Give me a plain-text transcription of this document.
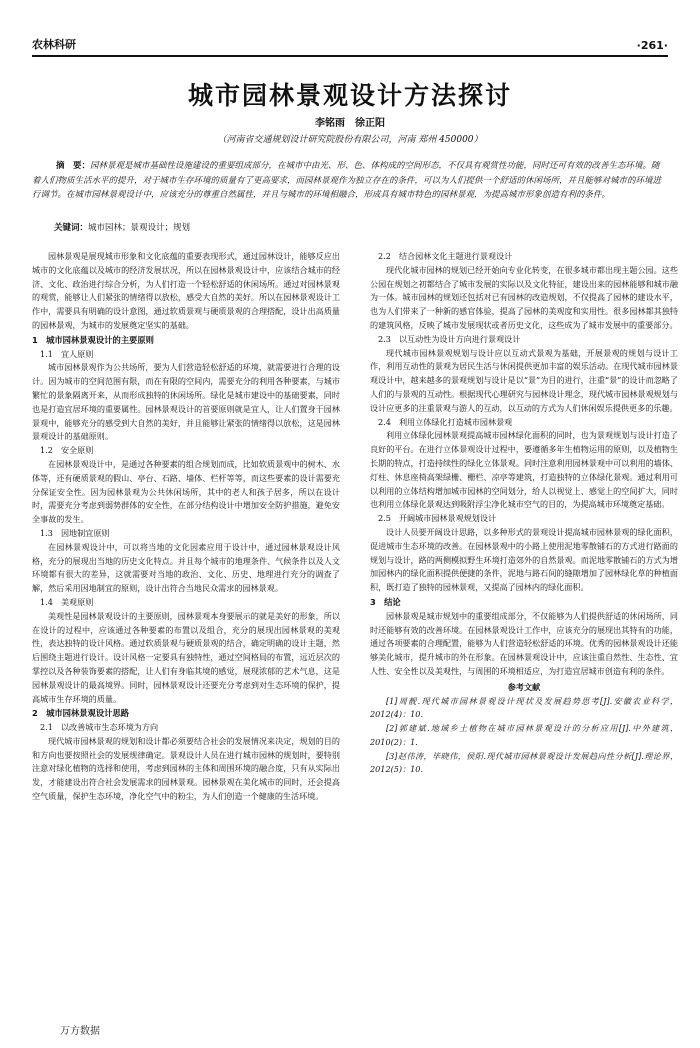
农林科研	·261·
城市园林景观设计方法探讨
李铭雨　徐正阳
（河南省交通规划设计研究院股份有限公司，河南 郑州 450000）
摘　要：园林景观是城市基础性设施建设的重要组成部分，在城市中由光、形、色、体构成的空间形态，不仅具有观赏性功能，同时还可有效的改善生态环境。随着人们物质生活水平的提升，对于城市生存环境的质量有了更高要求，而园林景观作为独立存在的条件，可以为人们提供一个舒适的休闲场所，并且能够对城市的环境进行调节。在城市园林景观设计中，应该充分的尊重自然属性，并且与城市的环境相融合，形成具有城市特色的园林景观，为提高城市形象创造有利的条件。
关键词：城市园林；景观设计；规划

园林景观是展现城市形象和文化底蕴的重要表现形式，通过园林设计，能够反应出城市的文化底蕴以及城市的经济发展状况，所以在园林景观设计中，应该结合城市的经济、文化、政治进行综合分析，为人们打造一个轻松舒适的休闲场所。通过对园林景观的观赏，能够让人们紧张的情绪得以放松，感受大自然的美好。所以在园林景观设计工作中，需要具有明确的设计意图，通过软质景观与硬质景观的合理搭配，设计出高质量的园林景观，为城市的发展奠定坚实的基础。

1　城市园林景观设计的主要原则
1.1　宜人原则

城市园林景观作为公共场所，要为人们营造轻松舒适的环境，就需要进行合理的设计。因为城市的空间范围有限，而在有限的空间内，需要充分的利用各种要素，与城市繁忙的景象隔离开来，从而形成独特的休闲场所。绿化是城市建设中的基础要素，同时也是打造宜居环境的重要属性。园林景观设计的首要原则就是宜人，让人们置身于园林景观中，能够充分的感受到大自然的美好，并且能够让紧张的情绪得以放松，这是园林景观设计的基础原则。

1.2　安全原则

在园林景观设计中，是通过各种要素的组合规划而成，比如软质景观中的树木、水体等，还有硬质景观的假山、亭台、石路、墙体、栏杆等等，而这些要素的设计需要充分保证安全性。因为园林景观为公共休闲场所，其中的老人和孩子居多，所以在设计时，需要充分考虑到弱势群体的安全性，在部分结构设计中增加安全防护措施，避免安全事故的发生。

1.3　因地制宜原则

在园林景观设计中，可以将当地的文化因素应用于设计中，通过园林景观设计风格，充分的展现出当地的历史文化特点。并且每个城市的地理条件、气候条件以及人文环境都有很大的差异，这就需要对当地的政治、文化、历史、地理进行充分的调查了解，然后采用因地制宜的原则，设计出符合当地民众需求的园林景观。

1.4　美观原则

美观性是园林景观设计的主要原则，园林景观本身要展示的就是美好的形象，所以在设计的过程中，应该通过各种要素的布置以及组合，充分的展现出园林景观的美观性，表达独特的设计风格。通过软质景观与硬质景观的结合，确定明确的设计主题，然后围绕主题进行设计。设计风格一定要具有独特性，通过空间格局的布置，远近层次的掌控以及各种装饰要素的搭配，让人们有身临其境的感觉，展现浓郁的艺术气息，这是园林景观设计的最高境界。同时，园林景观设计还要充分考虑到对生态环境的保护，提高城市生存环境的质量。

2　城市园林景观设计思路
2.1　以改善城市生态环境为方向

现代城市园林景观的规划和设计都必须要结合社会的发展情况来决定，规划的目的和方向也要按照社会的发展规律确定。景观设计人员在进行城市园林的规划时，要特别注意对绿化植物的选择和使用，考虑到园林的主体和周围环境的融合度，只有从实际出发，才能建设出符合社会发展需求的园林景观。园林景观在美化城市的同时，还会提高空气质量，保护生态环境，净化空气中的粉尘，为人们创造一个健康的生活环境。

2.2　结合园林文化主题进行景观设计

现代化城市园林的规划已经开始向专业化转变，在很多城市都出现主题公园。这些公园在规划之初都结合了城市发展的实际以及文化特征，建设出来的园林能够和城市融为一体。城市园林的规划还包括对已有园林的改造规划，不仅提高了园林的建设水平，也为人们带来了一种新的感官体验，提高了园林的美观度和实用性。很多园林都其独特的建筑风格，反映了城市发展现状或者历史文化，这些成为了城市发展中的重要部分。

2.3　以互动性为设计方向进行景观设计

现代城市园林景观规划与设计应以互动式景观为基础，开展景观的规划与设计工作，利用互动性的景观为居民生活与休闲提供更加丰富的娱乐活动。在现代城市园林景观设计中，越来越多的景观规划与设计是以“景”为目的进行，注重“景”的设计而忽略了人们的与景观的互动性。根据现代心理研究与园林设计理念，现代城市园林景观规划与设计应更多的注重景观与游人的互动，以互动的方式为人们休闲娱乐提供更多的乐趣。

2.4　利用立体绿化打造城市园林景观

利用立体绿化园林景观提高城市园林绿化面积的同时，也为景观规划与设计打造了良好的平台。在进行立体景观设计过程中，要遵循多年生植物运用的原则，以及植物生长期的特点，打造持续性的绿化立体景观。同时注意利用园林景观中可以利用的墙体、灯柱、休息座椅高架绿栅、栅栏、凉亭等建筑，打造独特的立体绿化景观。通过利用可以利用的立体结构增加城市园林的空间划分，给人以视觉上、感觉上的空间扩大，同时也利用立体绿化景观达到吸附浮尘净化城市空气的目的，为提高城市环境奠定基础。

2.5　开阔城市园林景观规划设计

设计人员要开阔设计思路，以多种形式的景观设计提高城市园林景观的绿化面积，促进城市生态环境的改善。在园林景观中的小路上使用泥地零散铺石的方式进行路面的规划与设计，路的两侧模拟野生环境打造郊外的自然景观。而泥地零散铺石的方式为增加园林内的绿化面积提供便捷的条件，泥地与路石间的缝隙增加了园林绿化草的种植面积，既打造了独特的园林景观，又提高了园林内的绿化面积。

3　结论

园林景观是城市规划中的重要组成部分，不仅能够为人们提供舒适的休闲场所，同时还能够有效的改善环境。在园林景观设计工作中，应该充分的展现出其特有的功能，通过各项要素的合理配置，能够为人们营造轻松舒适的环境。优秀的园林景观设计还能够美化城市，提升城市的外在形象。在园林景观设计中，应该注重自然性、生态性、宜人性、安全性以及美观性，与周围的环境相适应，为打造宜居城市创造有利的条件。

参考文献

[1]周靓.现代城市园林景观设计现状及发展趋势思考[J].安徽农业科学，2012(4)：10.

[2]郭建斌.地域乡土植物在城市园林景观设计的分析应用[J].中外建筑，2010(2)：1.

[3]赵伟涛，毕晓伟，侯阳.现代城市园林景观设计发展趋向性分析[J].理论界，2012(5)：10.

万方数据
